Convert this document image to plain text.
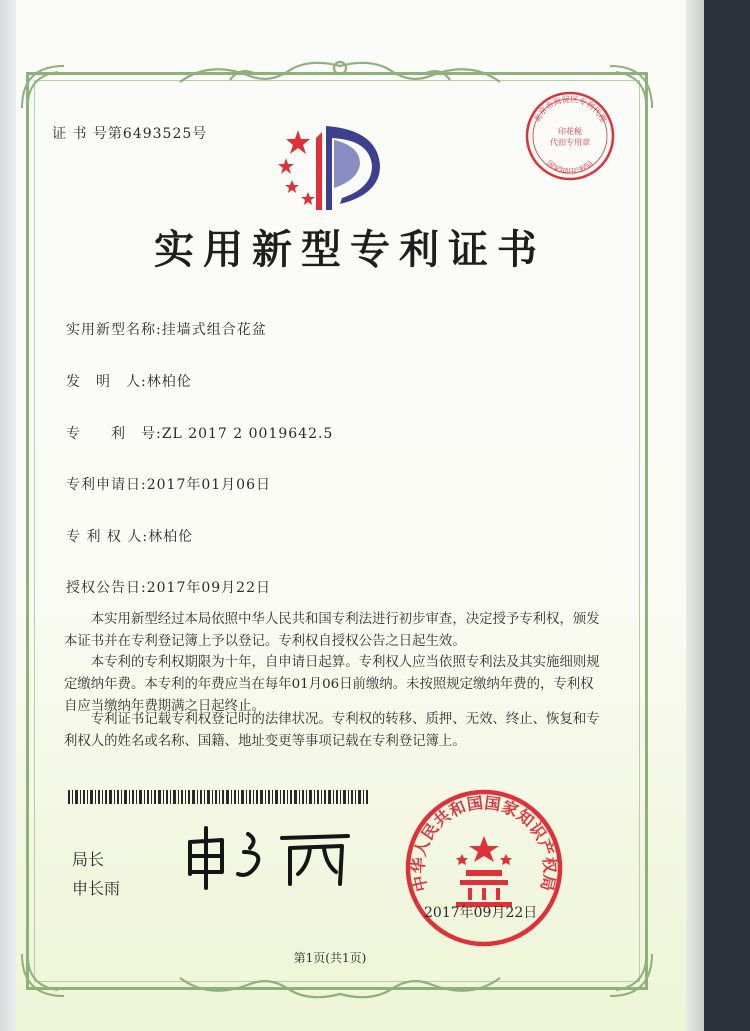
证 书 号第6493525号
北京市海淀区专利代理
印花税
代扣专用章
国家知识产权局
实用新型专利证书
实用新型名称:挂墙式组合花盆
发　明　人:林柏伦
专　　利　号:ZL 2017 2 0019642.5
专利申请日:2017年01月06日
专 利 权 人:林柏伦
授权公告日:2017年09月22日
　　本实用新型经过本局依照中华人民共和国专利法进行初步审查，决定授予专利权，颁发本证书并在专利登记簿上予以登记。专利权自授权公告之日起生效。
　　本专利的专利权期限为十年，自申请日起算。专利权人应当依照专利法及其实施细则规定缴纳年费。本专利的年费应当在每年01月06日前缴纳。未按照规定缴纳年费的，专利权自应当缴纳年费期满之日起终止。
　　专利证书记载专利权登记时的法律状况。专利权的转移、质押、无效、终止、恢复和专利权人的姓名或名称、国籍、地址变更等事项记载在专利登记簿上。
局长
申长雨	中华人民共和国国家知识产权局
2017年09月22日
第1页(共1页)
